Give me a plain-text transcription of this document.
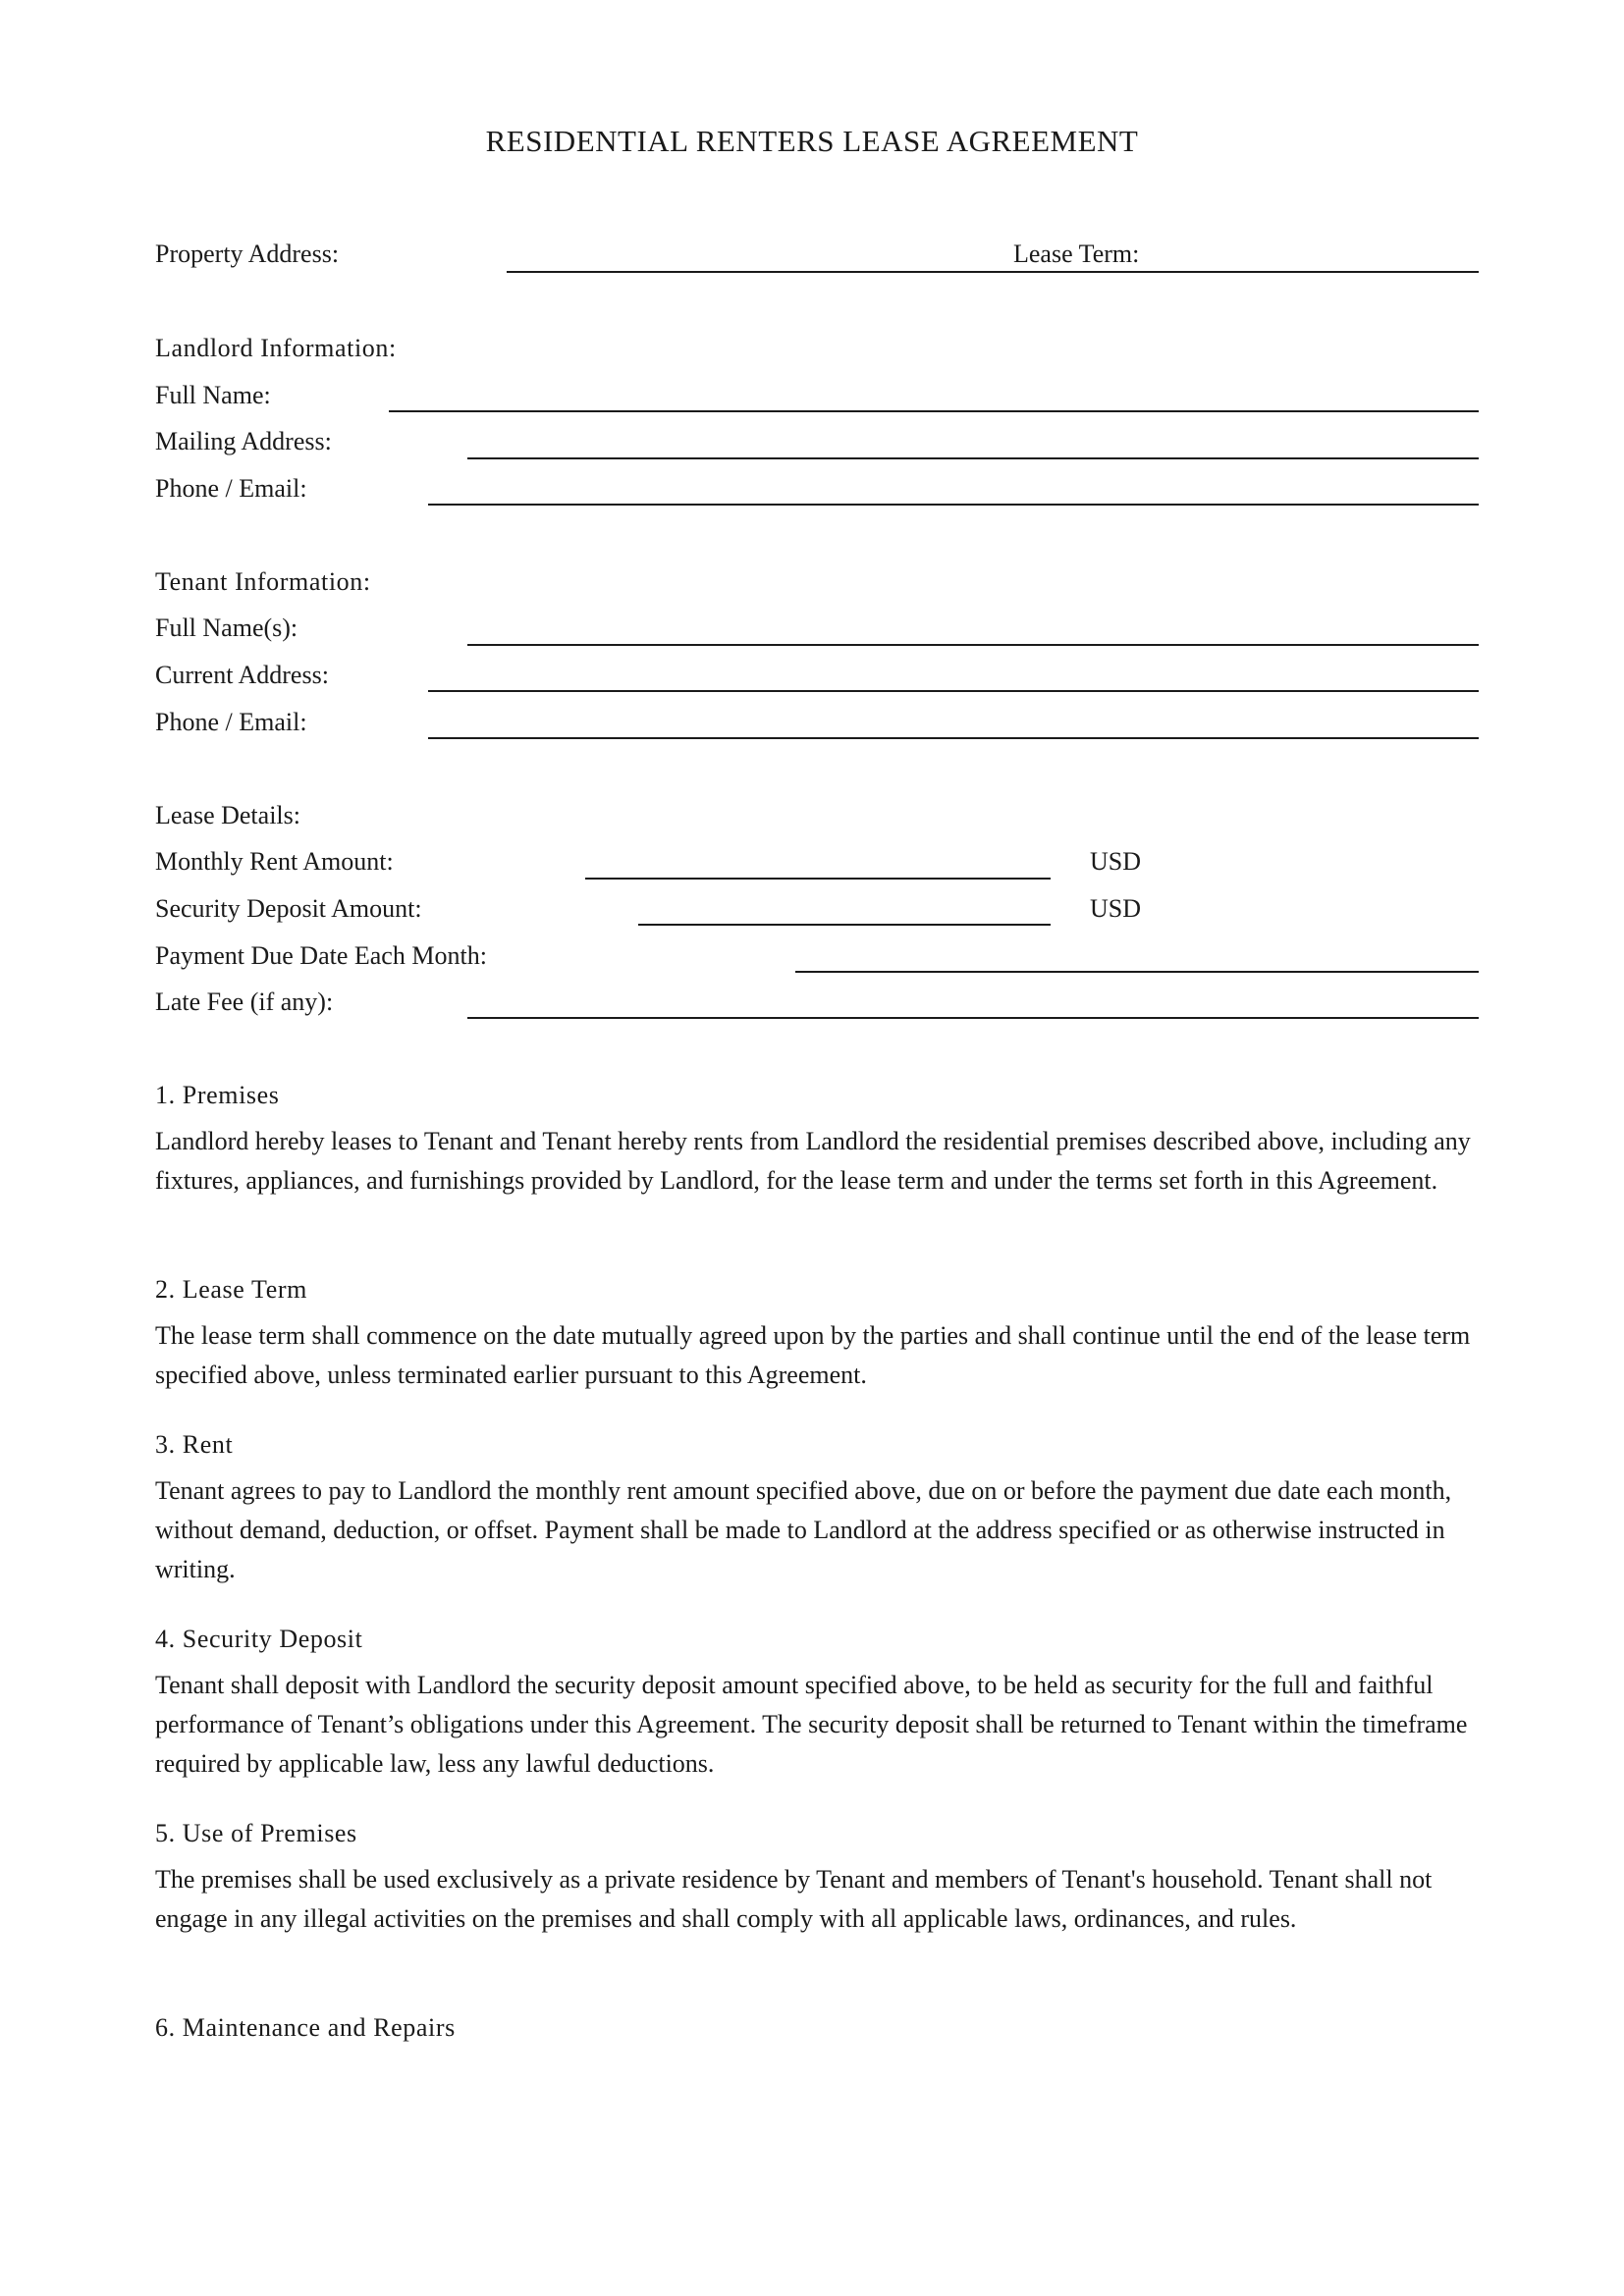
RESIDENTIAL RENTERS LEASE AGREEMENT
Property Address:	Lease Term:
Landlord Information:
Full Name:
Mailing Address:
Phone / Email:
Tenant Information:
Full Name(s):
Current Address:
Phone / Email:
Lease Details:
Monthly Rent Amount:	USD
Security Deposit Amount:	USD
Payment Due Date Each Month:
Late Fee (if any):
1. Premises
Landlord hereby leases to Tenant and Tenant hereby rents from Landlord the residential premises described above, including any fixtures, appliances, and furnishings provided by Landlord, for the lease term and under the terms set forth in this Agreement.
2. Lease Term
The lease term shall commence on the date mutually agreed upon by the parties and shall continue until the end of the lease term specified above, unless terminated earlier pursuant to this Agreement.
3. Rent
Tenant agrees to pay to Landlord the monthly rent amount specified above, due on or before the payment due date each month, without demand, deduction, or offset. Payment shall be made to Landlord at the address specified or as otherwise instructed in writing.
4. Security Deposit
Tenant shall deposit with Landlord the security deposit amount specified above, to be held as security for the full and faithful performance of Tenant’s obligations under this Agreement. The security deposit shall be returned to Tenant within the timeframe required by applicable law, less any lawful deductions.
5. Use of Premises
The premises shall be used exclusively as a private residence by Tenant and members of Tenant's household. Tenant shall not engage in any illegal activities on the premises and shall comply with all applicable laws, ordinances, and rules.
6. Maintenance and Repairs
